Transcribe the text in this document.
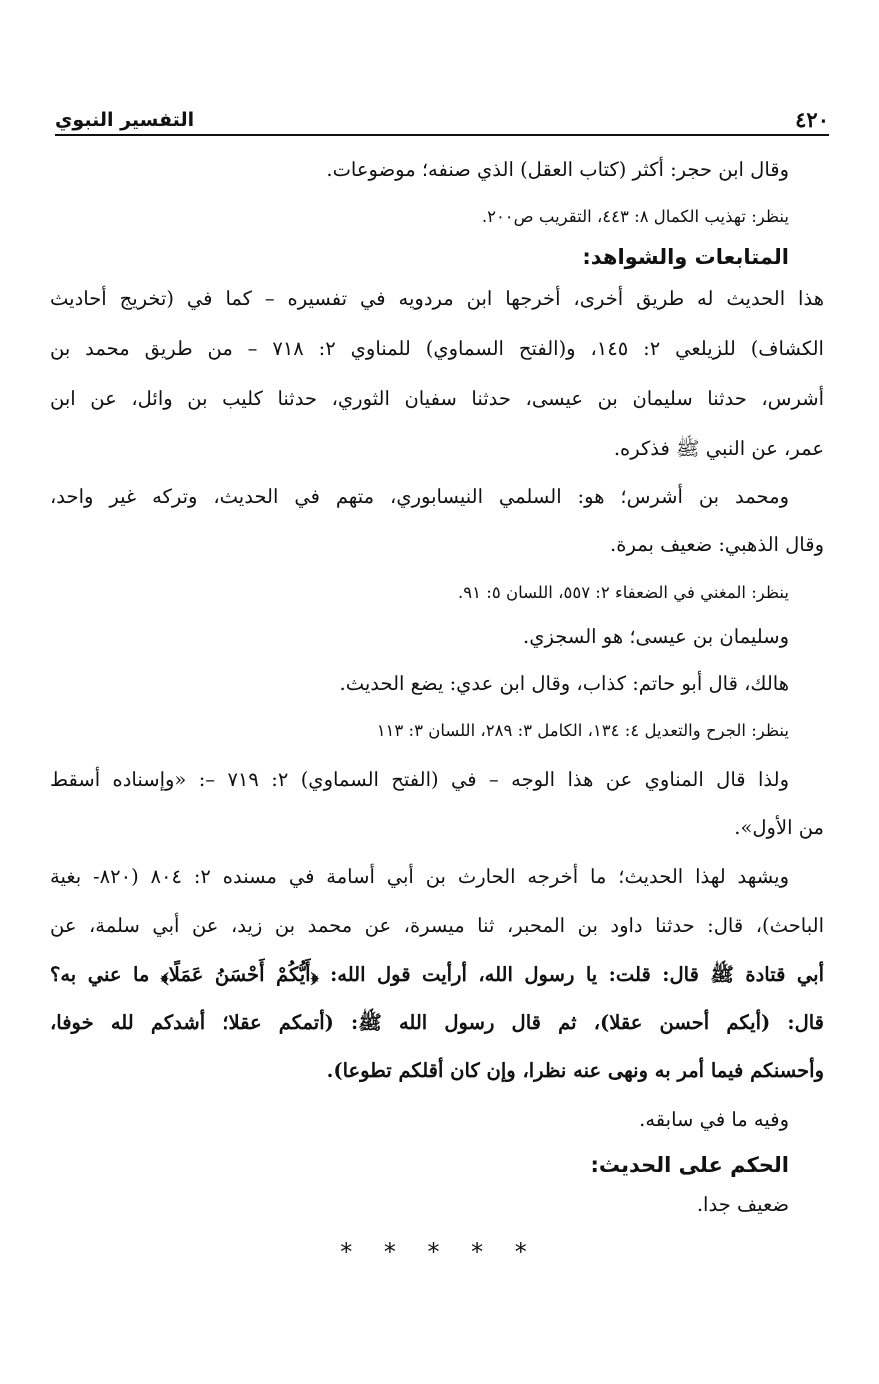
٤٢٠
التفسير النبوي
وقال ابن حجر: أكثر (كتاب العقل) الذي صنفه؛ موضوعات.
ينظر: تهذيب الكمال ٨: ٤٤٣، التقريب ص٢٠٠.
المتابعات والشواهد:
هذا الحديث له طريق أخرى، أخرجها ابن مردويه في تفسيره – كما في (تخريج أحاديث
الكشاف) للزيلعي ٢: ١٤٥، و(الفتح السماوي) للمناوي ٢: ٧١٨ – من طريق محمد بن
أشرس، حدثنا سليمان بن عيسى، حدثنا سفيان الثوري، حدثنا كليب بن وائل، عن ابن
عمر، عن النبي ﷺ فذكره.
ومحمد بن أشرس؛ هو: السلمي النيسابوري، متهم في الحديث، وتركه غير واحد،
وقال الذهبي: ضعيف بمرة.
ينظر: المغني في الضعفاء ٢: ٥٥٧، اللسان ٥: ٩١.
وسليمان بن عيسى؛ هو السجزي.
هالك، قال أبو حاتم: كذاب، وقال ابن عدي: يضع الحديث.
ينظر: الجرح والتعديل ٤: ١٣٤، الكامل ٣: ٢٨٩، اللسان ٣: ١١٣
ولذا قال المناوي عن هذا الوجه – في (الفتح السماوي) ٢: ٧١٩ –: «وإسناده أسقط
من الأول».
ويشهد لهذا الحديث؛ ما أخرجه الحارث بن أبي أسامة في مسنده ٢: ٨٠٤ (٨٢٠- بغية
الباحث)، قال: حدثنا داود بن المحبر، ثنا ميسرة، عن محمد بن زيد، عن أبي سلمة، عن
أبي قتادة ﷺ قال: قلت: يا رسول الله، أرأيت قول الله: ﴿أَيُّكُمْ أَحْسَنُ عَمَلًا﴾ ما عني به؟
قال: (أيكم أحسن عقلا)، ثم قال رسول الله ﷺ: (أتمكم عقلا؛ أشدكم لله خوفا،
وأحسنكم فيما أمر به ونهى عنه نظرا، وإن كان أقلكم تطوعا).
وفيه ما في سابقه.
الحكم على الحديث:
ضعيف جدا.
* * * * *
